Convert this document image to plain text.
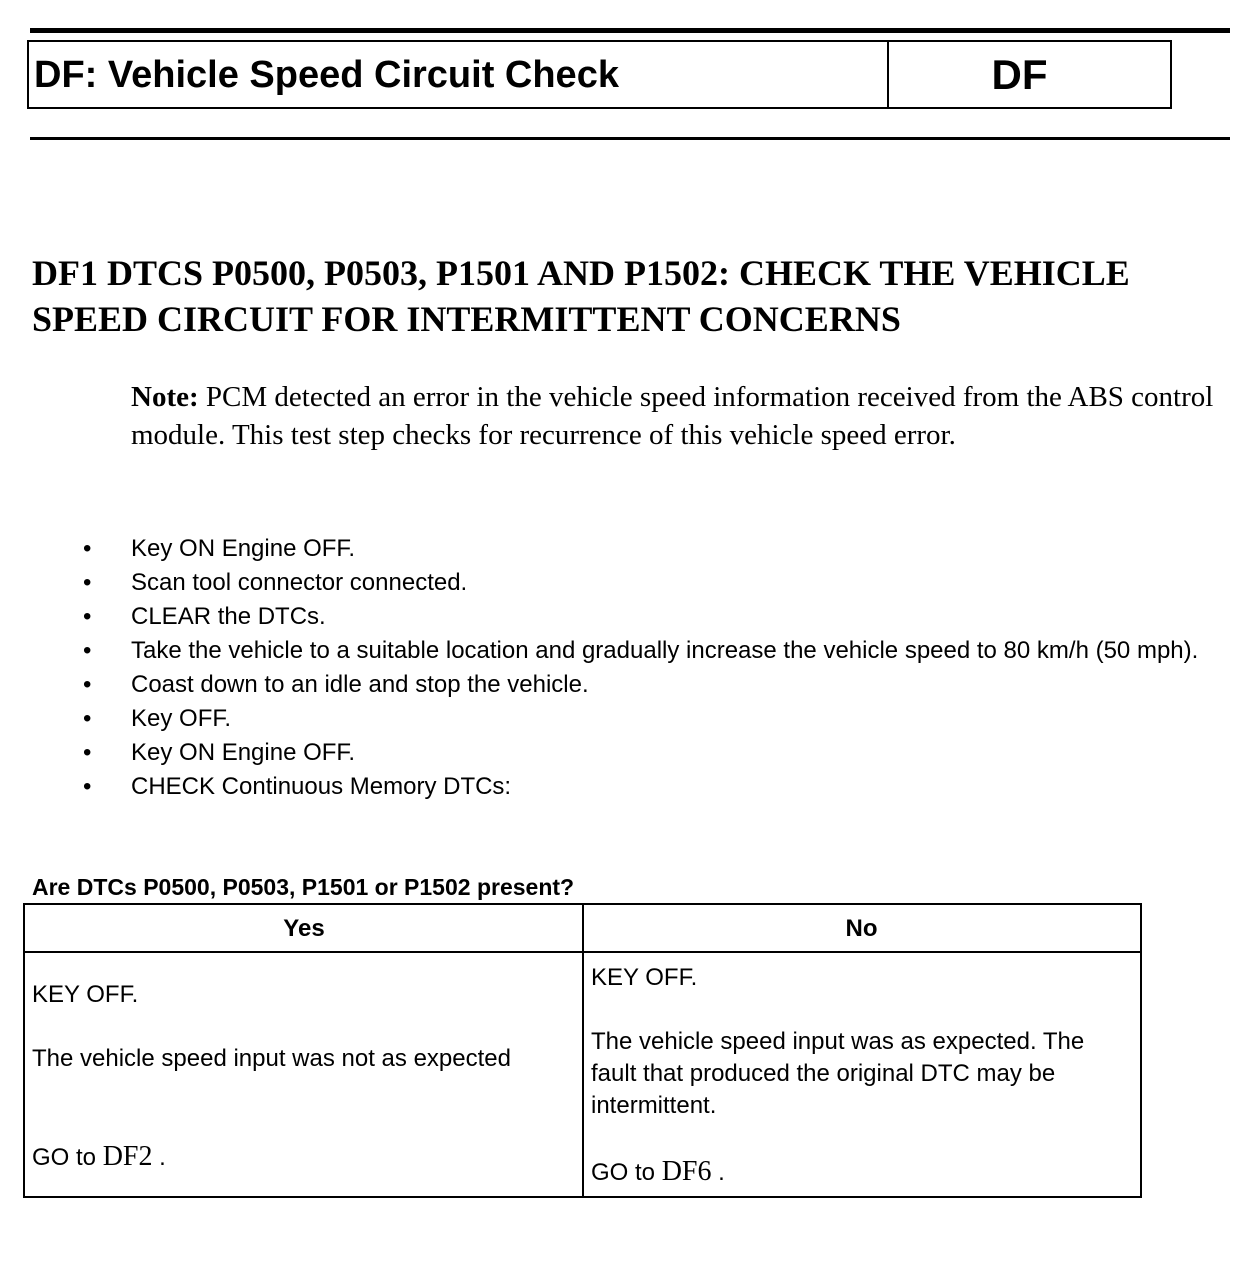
DF: Vehicle Speed Circuit Check	DF
DF1 DTCS P0500, P0503, P1501 AND P1502: CHECK THE VEHICLE SPEED CIRCUIT FOR INTERMITTENT CONCERNS
Note: PCM detected an error in the vehicle speed information received from the ABS control module. This test step checks for recurrence of this vehicle speed error.
• Key ON Engine OFF.
• Scan tool connector connected.
• CLEAR the DTCs.
• Take the vehicle to a suitable location and gradually increase the vehicle speed to 80 km/h (50 mph).
• Coast down to an idle and stop the vehicle.
• Key OFF.
• Key ON Engine OFF.
• CHECK Continuous Memory DTCs:
Are DTCs P0500, P0503, P1501 or P1502 present?
Yes	No
KEY OFF.
The vehicle speed input was not as expected
GO to DF2 .
KEY OFF.
The vehicle speed input was as expected. The fault that produced the original DTC may be intermittent.
GO to DF6 .
